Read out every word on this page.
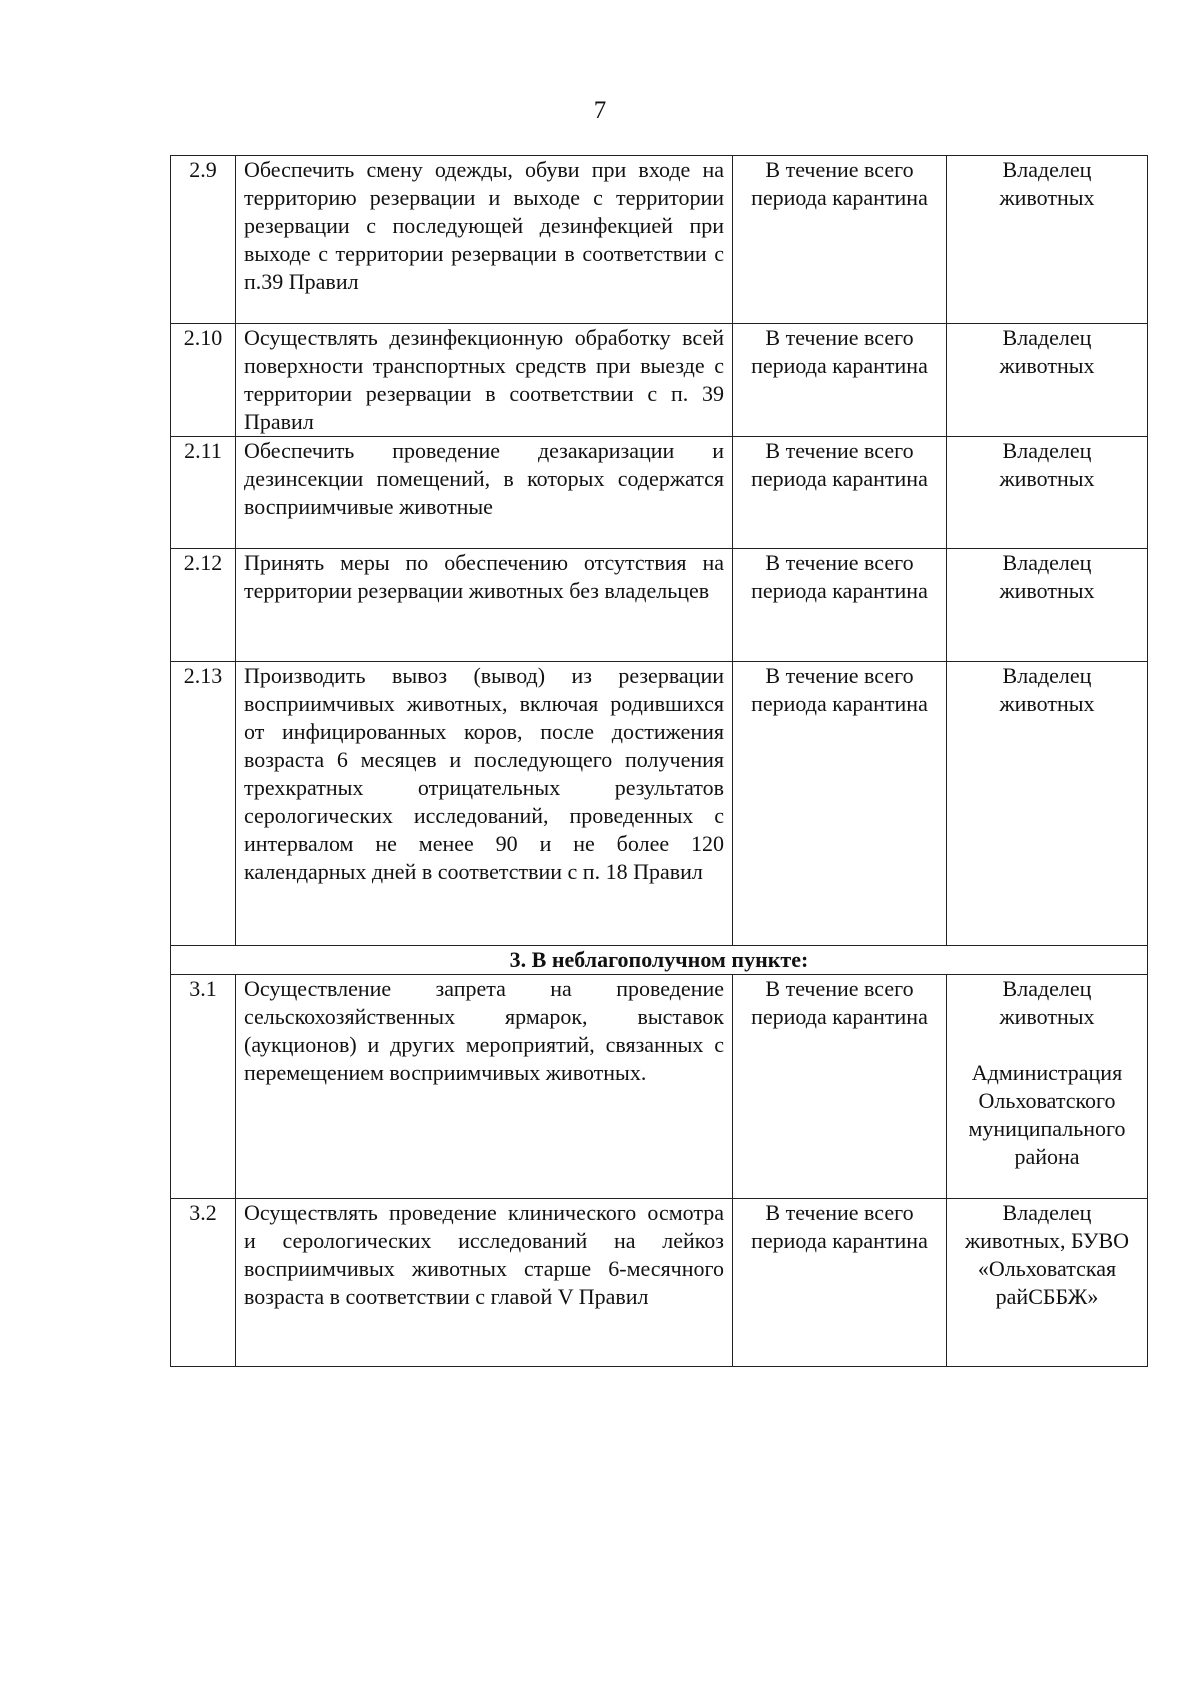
7
2.9	Обеспечить смену одежды, обуви при входе на территорию резервации и выходе с территории резервации с последующей дезинфекцией при выходе с территории резервации в соответствии с п.39 Правил	В течение всего периода карантина	Владелец животных

2.10	Осуществлять дезинфекционную обработку всей поверхности транспортных средств при выезде с территории резервации в соответствии с п. 39 Правил	В течение всего периода карантина	Владелец животных

2.11	Обеспечить проведение дезакаризации и дезинсекции помещений, в которых содержатся восприимчивые животные	В течение всего периода карантина	Владелец животных

2.12	Принять меры по обеспечению отсутствия на территории резервации животных без владельцев	В течение всего периода карантина	Владелец животных

2.13	Производить вывоз (вывод) из резервации восприимчивых животных, включая родившихся от инфицированных коров, после достижения возраста 6 месяцев и последующего получения трехкратных отрицательных результатов серологических исследований, проведенных с интервалом не менее 90 и не более 120 календарных дней в соответствии с п. 18 Правил	В течение всего периода карантина	Владелец животных

3. В неблагополучном пункте:			
3.1	Осуществление запрета на проведение сельскохозяйственных ярмарок, выставок (аукционов) и других мероприятий, связанных с перемещением восприимчивых животных.	В течение всего периода карантина	Владелец животных
Администрация Ольховатского муниципального района

3.2	Осуществлять проведение клинического осмотра и серологических исследований на лейкоз восприимчивых животных старше 6-месячного возраста в соответствии с главой V Правил	В течение всего периода карантина	Владелец животных, БУВО «Ольховатская райСББЖ»
